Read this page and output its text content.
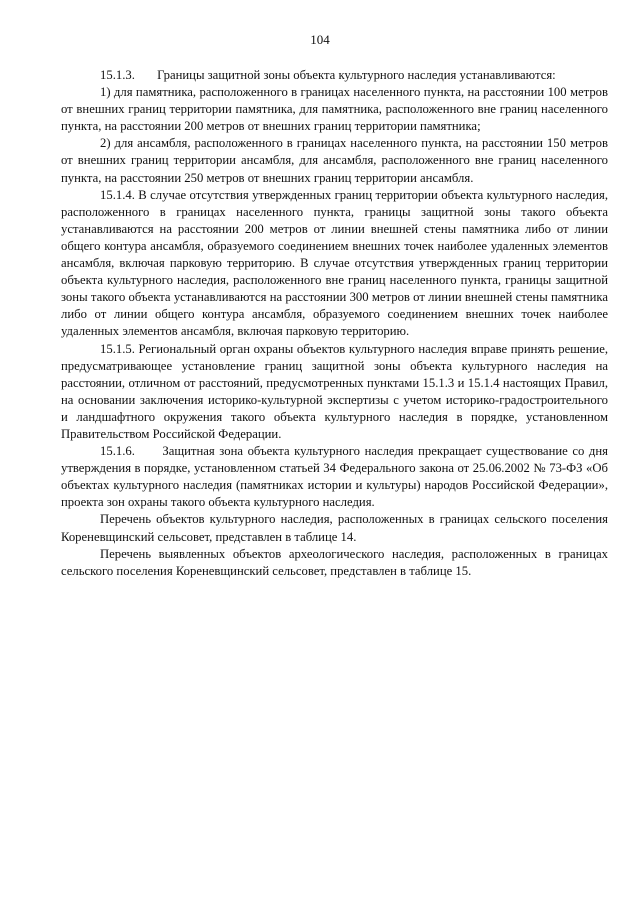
104

15.1.3.       Границы защитной зоны объекта культурного наследия устанавливаются:

1) для памятника, расположенного в границах населенного пункта, на расстоянии 100 метров от внешних границ территории памятника, для памятника, расположенного вне границ населенного пункта, на расстоянии 200 метров от внешних границ территории памятника;

2) для ансамбля, расположенного в границах населенного пункта, на расстоянии 150 метров от внешних границ территории ансамбля, для ансамбля, расположенного вне границ населенного пункта, на расстоянии 250 метров от внешних границ территории ансамбля.

15.1.4. В случае отсутствия утвержденных границ территории объекта культурного наследия, расположенного в границах населенного пункта, границы защитной зоны такого объекта устанавливаются на расстоянии 200 метров от линии внешней стены памятника либо от линии общего контура ансамбля, образуемого соединением внешних точек наиболее удаленных элементов ансамбля, включая парковую территорию. В случае отсутствия утвержденных границ территории объекта культурного наследия, расположенного вне границ населенного пункта, границы защитной зоны такого объекта устанавливаются на расстоянии 300 метров от линии внешней стены памятника либо от линии общего контура ансамбля, образуемого соединением внешних точек наиболее удаленных элементов ансамбля, включая парковую территорию.

15.1.5. Региональный орган охраны объектов культурного наследия вправе принять решение, предусматривающее установление границ защитной зоны объекта культурного наследия на расстоянии, отличном от расстояний, предусмотренных пунктами 15.1.3 и 15.1.4 настоящих Правил, на основании заключения историко-культурной экспертизы с учетом историко-градостроительного и ландшафтного окружения такого объекта культурного наследия в порядке, установленном Правительством Российской Федерации.

15.1.6.      Защитная зона объекта культурного наследия прекращает существование со дня утверждения в порядке, установленном статьей 34 Федерального закона от 25.06.2002 № 73-ФЗ «Об объектах культурного наследия (памятниках истории и культуры) народов Российской Федерации», проекта зон охраны такого объекта культурного наследия.

Перечень объектов культурного наследия, расположенных в границах сельского поселения Кореневщинский сельсовет, представлен в таблице 14.

Перечень выявленных объектов археологического наследия, расположенных в границах сельского поселения Кореневщинский сельсовет, представлен в таблице 15.
